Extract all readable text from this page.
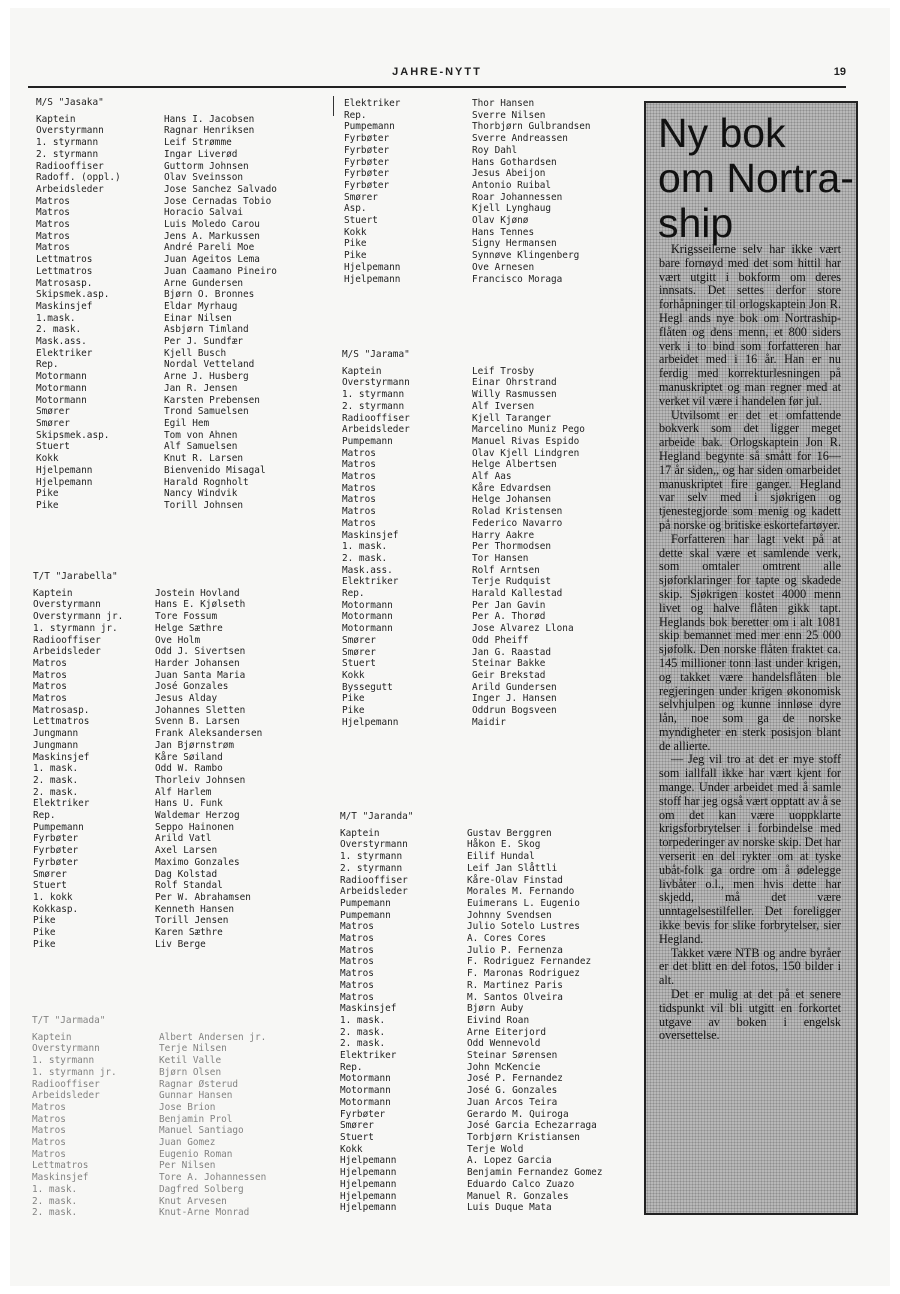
JAHRE-NYTT	19
M/S "Jasaka"
Kaptein	Hans I. Jacobsen
Overstyrmann	Ragnar Henriksen
1. styrmann	Leif Strømme
2. styrmann	Ingar Liverød
Radiooffiser	Guttorm Johnsen
Radoff. (oppl.)	Olav Sveinsson
Arbeidsleder	Jose Sanchez Salvado
Matros	Jose Cernadas Tobio
Matros	Horacio Salvai
Matros	Luis Moledo Carou
Matros	Jens A. Markussen
Matros	André Pareli Moe
Lettmatros	Juan Ageitos Lema
Lettmatros	Juan Caamano Pineiro
Matrosasp.	Arne Gundersen
Skipsmek.asp.	Bjørn O. Bronnes
Maskinsjef	Eldar Myrhaug
1.mask.	Einar Nilsen
2. mask.	Asbjørn Timland
Mask.ass.	Per J. Sundfær
Elektriker	Kjell Busch
Rep.	Nordal Vetteland
Motormann	Arne J. Husberg
Motormann	Jan R. Jensen
Motormann	Karsten Prebensen
Smører	Trond Samuelsen
Smører	Egil Hem
Skipsmek.asp.	Tom von Ahnen
Stuert	Alf Samuelsen
Kokk	Knut R. Larsen
Hjelpemann	Bienvenido Misagal
Hjelpemann	Harald Rognholt
Pike	Nancy Windvik
Pike	Torill Johnsen
T/T "Jarabella"
Kaptein	Jostein Hovland
Overstyrmann	Hans E. Kjølseth
Overstyrmann jr.	Tore Fossum
1. styrmann jr.	Helge Sæthre
Radiooffiser	Ove Holm
Arbeidsleder	Odd J. Sivertsen
Matros	Harder Johansen
Matros	Juan Santa Maria
Matros	José Gonzales
Matros	Jesus Alday
Matrosasp.	Johannes Sletten
Lettmatros	Svenn B. Larsen
Jungmann	Frank Aleksandersen
Jungmann	Jan Bjørnstrøm
Maskinsjef	Kåre Søiland
1. mask.	Odd W. Rambo
2. mask.	Thorleiv Johnsen
2. mask.	Alf Harlem
Elektriker	Hans U. Funk
Rep.	Waldemar Herzog
Pumpemann	Seppo Hainonen
Fyrbøter	Arild Vatl
Fyrbøter	Axel Larsen
Fyrbøter	Maximo Gonzales
Smører	Dag Kolstad
Stuert	Rolf Standal
1. kokk	Per W. Abrahamsen
Kokkasp.	Kenneth Hansen
Pike	Torill Jensen
Pike	Karen Sæthre
Pike	Liv Berge
T/T "Jarmada"
Kaptein	Albert Andersen jr.
Overstyrmann	Terje Nilsen
1. styrmann	Ketil Valle
1. styrmann jr.	Bjørn Olsen
Radiooffiser	Ragnar Østerud
Arbeidsleder	Gunnar Hansen
Matros	Jose Brion
Matros	Benjamin Prol
Matros	Manuel Santiago
Matros	Juan Gomez
Matros	Eugenio Roman
Lettmatros	Per Nilsen
Maskinsjef	Tore A. Johannessen
1. mask.	Dagfred Solberg
2. mask.	Knut Arvesen
2. mask.	Knut-Arne Monrad
Elektriker	Thor Hansen
Rep.	Sverre Nilsen
Pumpemann	Thorbjørn Gulbrandsen
Fyrbøter	Sverre Andreassen
Fyrbøter	Roy Dahl
Fyrbøter	Hans Gothardsen
Fyrbøter	Jesus Abeijon
Fyrbøter	Antonio Ruibal
Smører	Roar Johannessen
Asp.	Kjell Lynghaug
Stuert	Olav Kjønø
Kokk	Hans Tennes
Pike	Signy Hermansen
Pike	Synnøve Klingenberg
Hjelpemann	Ove Arnesen
Hjelpemann	Francisco Moraga
M/S "Jarama"
Kaptein	Leif Trosby
Overstyrmann	Einar Ohrstrand
1. styrmann	Willy Rasmussen
2. styrmann	Alf Iversen
Radiooffiser	Kjell Taranger
Arbeidsleder	Marcelino Muniz Pego
Pumpemann	Manuel Rivas Espido
Matros	Olav Kjell Lindgren
Matros	Helge Albertsen
Matros	Alf Aas
Matros	Kåre Edvardsen
Matros	Helge Johansen
Matros	Rolad Kristensen
Matros	Federico Navarro
Maskinsjef	Harry Aakre
1. mask.	Per Thormodsen
2. mask.	Tor Hansen
Mask.ass.	Rolf Arntsen
Elektriker	Terje Rudquist
Rep.	Harald Kallestad
Motormann	Per Jan Gavin
Motormann	Per A. Thorød
Motormann	Jose Alvarez Llona
Smører	Odd Pheiff
Smører	Jan G. Raastad
Stuert	Steinar Bakke
Kokk	Geir Brekstad
Byssegutt	Arild Gundersen
Pike	Inger J. Hansen
Pike	Oddrun Bogsveen
Hjelpemann	Maidir
M/T "Jaranda"
Kaptein	Gustav Berggren
Overstyrmann	Håkon E. Skog
1. styrmann	Eilif Hundal
2. styrmann	Leif Jan Slåttli
Radiooffiser	Kåre-Olav Finstad
Arbeidsleder	Morales M. Fernando
Pumpemann	Euimerans L. Eugenio
Pumpemann	Johnny Svendsen
Matros	Julio Sotelo Lustres
Matros	A. Cores Cores
Matros	Julio P. Fernenza
Matros	F. Rodriguez Fernandez
Matros	F. Maronas Rodriguez
Matros	R. Martinez Paris
Matros	M. Santos Olveira
Maskinsjef	Bjørn Auby
1. mask.	Eivind Roan
2. mask.	Arne Eiterjord
2. mask.	Odd Wennevold
Elektriker	Steinar Sørensen
Rep.	John McKencie
Motormann	José P. Fernandez
Motormann	José G. Gonzales
Motormann	Juan Arcos Teira
Fyrbøter	Gerardo M. Quiroga
Smører	José Garcia Echezarraga
Stuert	Torbjørn Kristiansen
Kokk	Terje Wold
Hjelpemann	A. Lopez Garcia
Hjelpemann	Benjamin Fernandez Gomez
Hjelpemann	Eduardo Calco Zuazo
Hjelpemann	Manuel R. Gonzales
Hjelpemann	Luis Duque Mata
Ny bok
om Nortra-
ship

Krigsseilerne selv har ikke vært bare fornøyd med det som hittil har vært utgitt i bokform om deres innsats. Det settes derfor store forhåpninger til orlogskaptein Jon R. Hegl ands nye bok om Nortraship-flåten og dens menn, et 800 siders verk i to bind som forfatteren har arbeidet med i 16 år. Han er nu ferdig med korrekturlesningen på manuskriptet og man regner med at verket vil være i handelen før jul.

Utvilsomt er det et omfattende bokverk som det ligger meget arbeide bak. Orlogskaptein Jon R. Hegland begynte så smått for 16—17 år siden,, og har siden omarbeidet manuskriptet fire ganger. Hegland var selv med i sjøkrigen og tjenestegjorde som menig og kadett på norske og britiske eskortefartøyer.

Forfatteren har lagt vekt på at dette skal være et samlende verk, som omtaler omtrent alle sjøforklaringer for tapte og skadede skip. Sjøkrigen kostet 4000 menn livet og halve flåten gikk tapt. Heglands bok beretter om i alt 1081 skip bemannet med mer enn 25 000 sjøfolk. Den norske flåten fraktet ca. 145 millioner tonn last under krigen, og takket være handelsflåten ble regjeringen under krigen økonomisk selvhjulpen og kunne innløse dyre lån, noe som ga de norske myndigheter en sterk posisjon blant de allierte.

— Jeg vil tro at det er mye stoff som iallfall ikke har vært kjent for mange. Under arbeidet med å samle stoff har jeg også vært opptatt av å se om det kan være uoppklarte krigsforbrytelser i forbindelse med torpederinger av norske skip. Det har verserit en del rykter om at tyske ubåt-folk ga ordre om å ødelegge livbåter o.l., men hvis dette har skjedd, må det være unntagelsestilfeller. Det foreligger ikke bevis for slike forbrytelser, sier Hegland.

Takket være NTB og andre byråer er det blitt en del fotos, 150 bilder i alt.

Det er mulig at det på et senere tidspunkt vil bli utgitt en forkortet utgave av boken i engelsk oversettelse.
